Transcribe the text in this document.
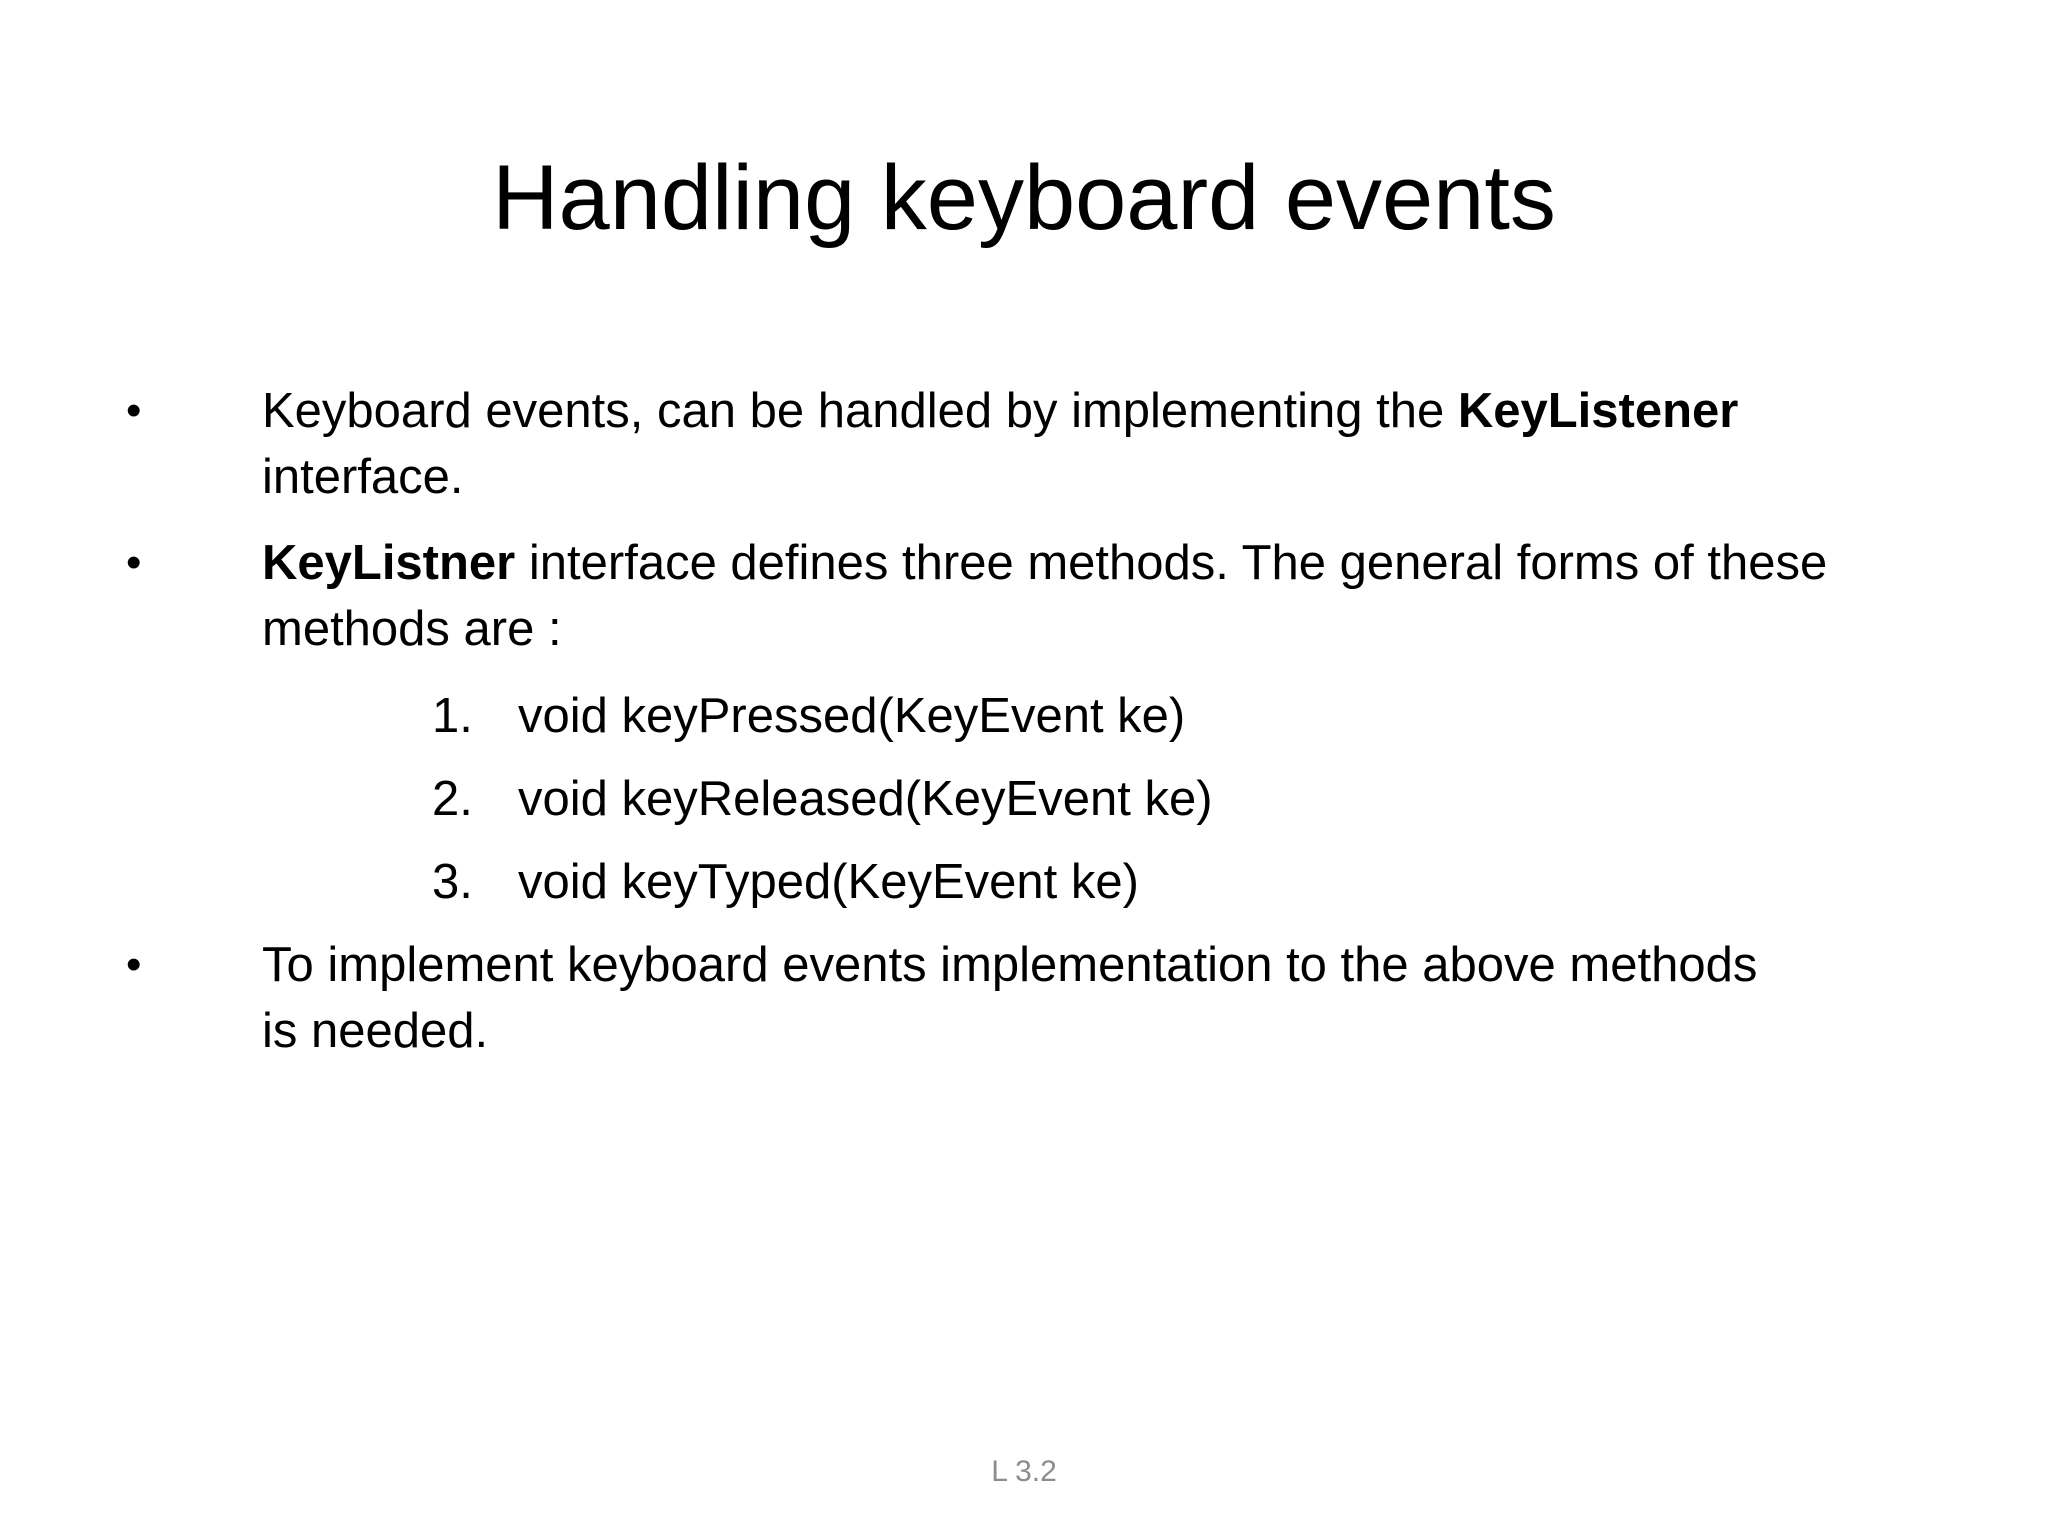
Handling keyboard events
• Keyboard events, can be handled by implementing the KeyListener
interface.
• KeyListner interface defines three methods. The general forms of these
methods are :
1. void keyPressed(KeyEvent ke)
2. void keyReleased(KeyEvent ke)
3. void keyTyped(KeyEvent ke)
• To implement keyboard events implementation to the above methods
is needed.
L 3.2
